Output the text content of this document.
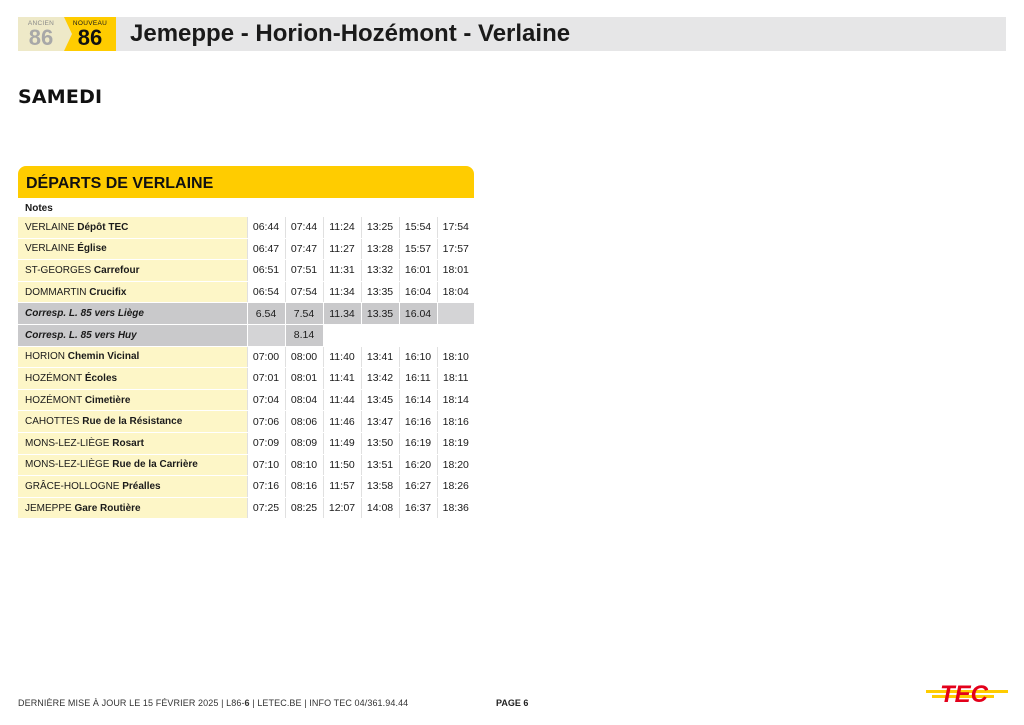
ANCIEN
86
NOUVEAU
86	Jemeppe - Horion-Hozémont - Verlaine
SAMEDI
DÉPARTS DE VERLAINE
Notes
VERLAINE Dépôt TEC	06:44	07:44	11:24	13:25	15:54	17:54
VERLAINE Église	06:47	07:47	11:27	13:28	15:57	17:57
ST-GEORGES Carrefour	06:51	07:51	11:31	13:32	16:01	18:01
DOMMARTIN Crucifix	06:54	07:54	11:34	13:35	16:04	18:04
Corresp. L. 85 vers Liège	6.54	7.54	11.34	13.35	16.04	
Corresp. L. 85 vers Huy		8.14				
HORION Chemin Vicinal	07:00	08:00	11:40	13:41	16:10	18:10
HOZÉMONT Écoles	07:01	08:01	11:41	13:42	16:11	18:11
HOZÉMONT Cimetière	07:04	08:04	11:44	13:45	16:14	18:14
CAHOTTES Rue de la Résistance	07:06	08:06	11:46	13:47	16:16	18:16
MONS-LEZ-LIÈGE Rosart	07:09	08:09	11:49	13:50	16:19	18:19
MONS-LEZ-LIÈGE Rue de la Carrière	07:10	08:10	11:50	13:51	16:20	18:20
GRÂCE-HOLLOGNE Préalles	07:16	08:16	11:57	13:58	16:27	18:26
JEMEPPE Gare Routière	07:25	08:25	12:07	14:08	16:37	18:36
DERNIÈRE MISE À JOUR LE 15 FÉVRIER 2025 | L86-6 | LETEC.BE | INFO TEC 04/361.94.44	PAGE 6	TEC
